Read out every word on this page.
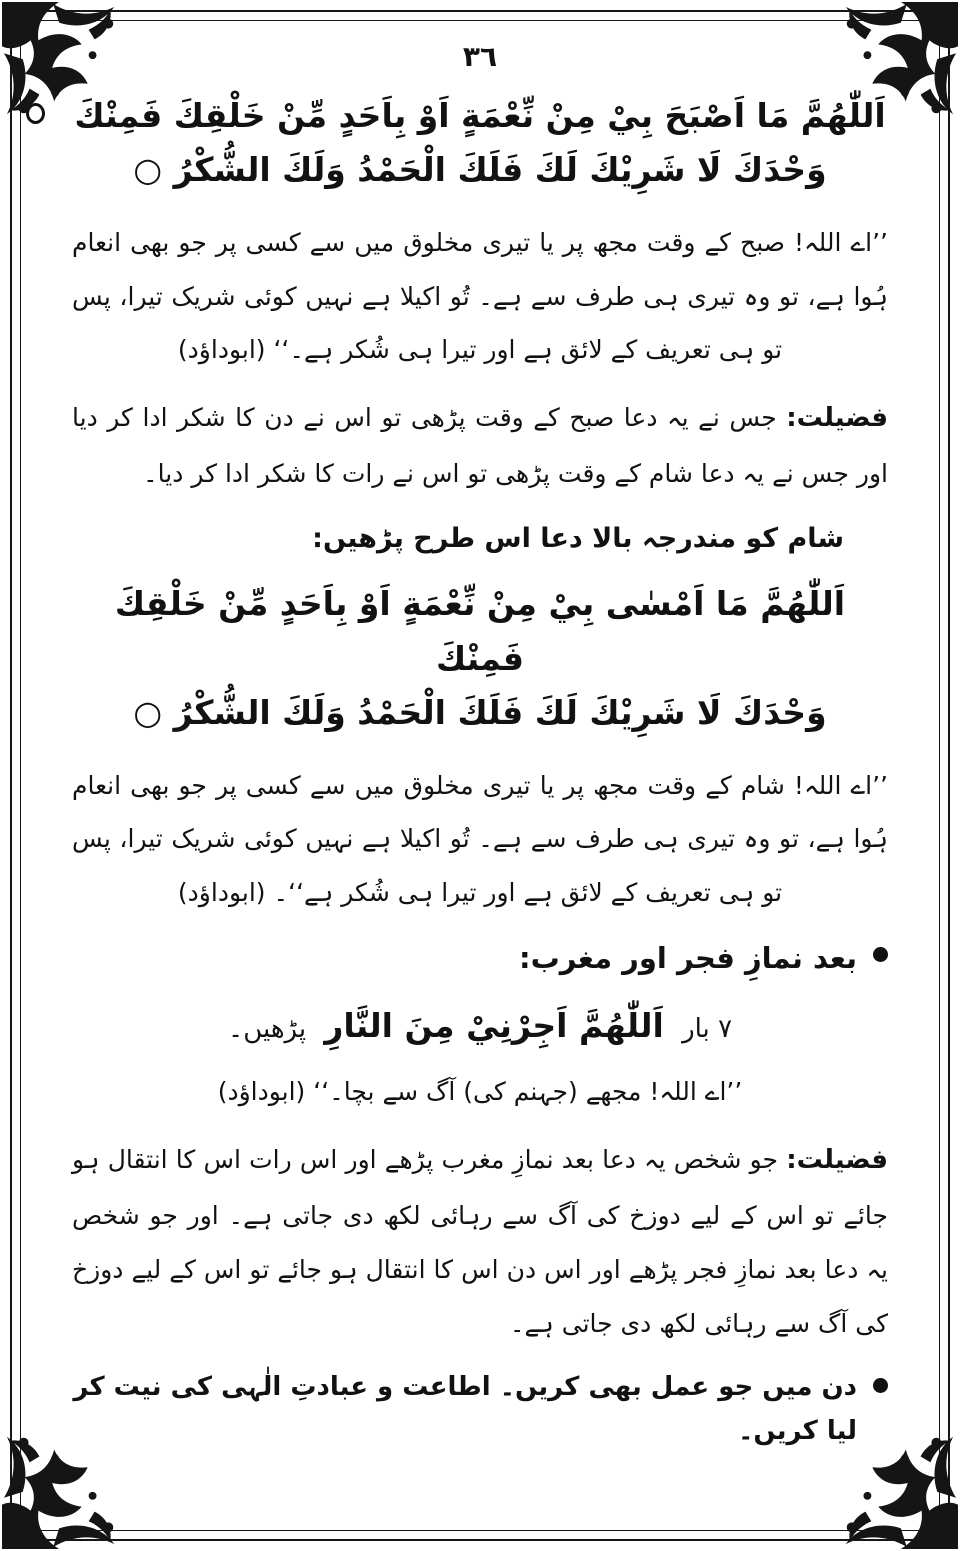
٣٦
اَللّٰهُمَّ مَا اَصْبَحَ بِيْ مِنْ نِّعْمَةٍ اَوْ بِاَحَدٍ مِّنْ خَلْقِكَ فَمِنْكَ
وَحْدَكَ لَا شَرِيْكَ لَكَ فَلَكَ الْحَمْدُ وَلَكَ الشُّكْرُ ○

’’اے اللہ! صبح کے وقت مجھ پر یا تیری مخلوق میں سے کسی پر جو بھی انعام ہُوا ہے، تو وہ تیری ہی طرف سے ہے۔ تُو اکیلا ہے نہیں کوئی شریک تیرا، پس تو ہی تعریف کے لائق ہے اور تیرا ہی شُکر ہے۔‘‘ (ابوداؤد)

فضیلت: جس نے یہ دعا صبح کے وقت پڑھی تو اس نے دن کا شکر ادا کر دیا اور جس نے یہ دعا شام کے وقت پڑھی تو اس نے رات کا شکر ادا کر دیا۔

شام کو مندرجہ بالا دعا اس طرح پڑھیں:
اَللّٰهُمَّ مَا اَمْسٰی بِيْ مِنْ نِّعْمَةٍ اَوْ بِاَحَدٍ مِّنْ خَلْقِكَ فَمِنْكَ
وَحْدَكَ لَا شَرِيْكَ لَكَ فَلَكَ الْحَمْدُ وَلَكَ الشُّكْرُ ○

’’اے اللہ! شام کے وقت مجھ پر یا تیری مخلوق میں سے کسی پر جو بھی انعام ہُوا ہے، تو وہ تیری ہی طرف سے ہے۔ تُو اکیلا ہے نہیں کوئی شریک تیرا، پس تو ہی تعریف کے لائق ہے اور تیرا ہی شُکر ہے‘‘۔ (ابوداؤد)

بعد نمازِ فجر اور مغرب:
۷ بار اَللّٰهُمَّ اَجِرْنِيْ مِنَ النَّارِ پڑھیں۔
’’اے اللہ! مجھے (جہنم کی) آگ سے بچا۔‘‘ (ابوداؤد)

فضیلت: جو شخص یہ دعا بعد نمازِ مغرب پڑھے اور اس رات اس کا انتقال ہو جائے تو اس کے لیے دوزخ کی آگ سے رہائی لکھ دی جاتی ہے۔ اور جو شخص یہ دعا بعد نمازِ فجر پڑھے اور اس دن اس کا انتقال ہو جائے تو اس کے لیے دوزخ کی آگ سے رہائی لکھ دی جاتی ہے۔

دن میں جو عمل بھی کریں۔ اطاعت و عبادتِ الٰہی کی نیت کر لیا کریں۔
